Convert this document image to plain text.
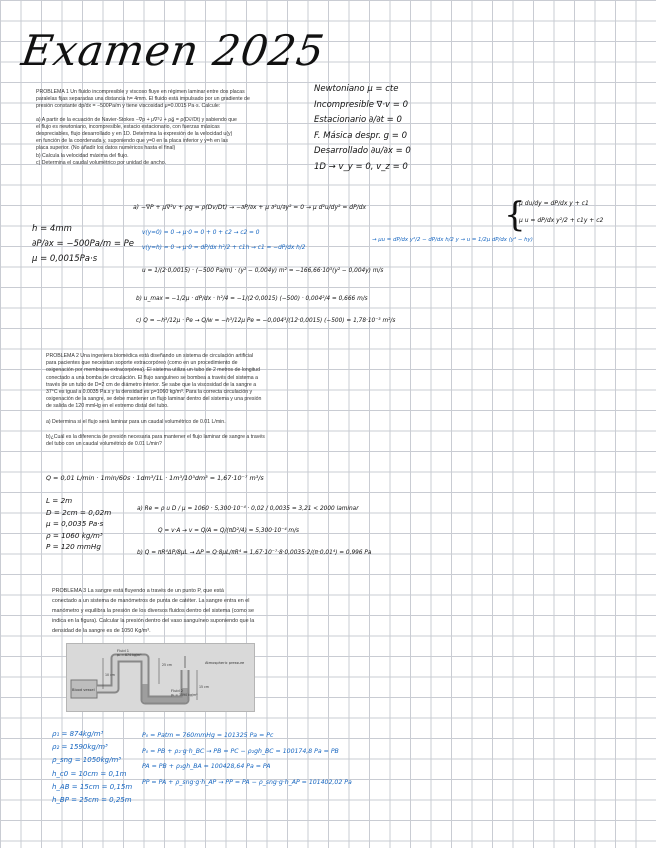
Examen 2025
PROBLEMA 1 Un fluido incompresible y viscoso fluye en régimen laminar entre dos placas
paralelas fijas separadas una distancia h= 4mm. El fluido está impulsado por un gradiente de
presión constante dp/dx = −500Pa/m y tiene viscosidad μ=0.0015 Pa·s. Calcule:
a) A partir de la ecuación de Navier-Stokes −∇p + μ∇²v⃗ + ρg⃗ = ρ(Dv⃗/Dt) y sabiendo que
el flujo es newtoniano, incompresible, estacio estacionario, con fuerzas másicas
despreciables, flujo desarrollado y en 1D. Determina la expresión de la velocidad u(y)
en función de la coordenada y, suponiendo que y=0 en la placa inferior y y=h en las
placa superior. (No añadir los datos numéricos hasta el final)
b) Calcula la velocidad máxima del flujo.
c) Determina el caudal volumétrico por unidad de ancho.
Newtoniano μ = cte
Incompresible ∇·v = 0
Estacionario ∂/∂t = 0
F. Másica despr. g = 0
Desarrollado ∂u/∂x = 0
1D → v_y = 0, v_z = 0
h = 4mm
∂P/∂x = −500Pa/m = Pe
μ = 0,0015Pa·s
a) −∇P + μ∇²v + ρg = ρ(Dv/Dt) → −∂P/∂x + μ ∂²u/∂y² = 0 → μ d²u/dy² = dP/dx	{
μ du/dy = dP/dx y + c1
μ u = dP/dx y²/2 + c1y + c2
v(y=0) = 0 → μ·0 = 0 + 0 + c2 → c2 = 0
v(y=h) = 0 → μ·0 = dP/dx h²/2 + c1h → c1 = −dP/dx h/2
→ μu = dP/dx y²/2 − dP/dx h/2 y → u = 1/2μ dP/dx (y² − hy)
u = 1/(2·0,0015) · (−500 Pa/m) · (y² − 0,004y) m² = −166,66·10³(y² − 0,004y) m/s
b) u_max = −1/2μ · dP/dx · h²/4 = −1/(2·0,0015) (−500) · 0,004²/4 = 0,666 m/s
c) Q = −h³/12μ · Pe → Q/w = −h³/12μ Pe = −0,004³/(12·0,0015) (−500) = 1,78·10⁻³ m²/s
PROBLEMA 2 Una ingeniera biomédica está diseñando un sistema de circulación artificial
para pacientes que necesitan soporte extracorpóreo (como en un procedimiento de
oxigenación por membrana extracorpórea). El sistema utiliza un tubo de 2 metros de longitud
conectado a una bomba de circulación. El flujo sanguíneo se bombea a través del sistema a
través de un tubo de D=2 cm de diámetro interior. Se sabe que la viscosidad de la sangre a
37°C es igual a 0.0035 Pa.s y la densidad es ρ=1060 kg/m³. Para la correcta circulación y
oxigenación de la sangre, se debe mantener un flujo laminar dentro del sistema y una presión
de salida de 120 mmHg en el extremo distal del tubo.
a) Determina si el flujo será laminar para un caudal volumétrico de 0.01 L/min.
b)¿Cuál es la diferencia de presión necesaria para mantener el flujo laminar de sangre a través
del tubo con un caudal volumétrico de 0.01 L/min?
Q = 0,01 L/min · 1min/60s · 1dm³/1L · 1m³/10³dm³ = 1,67·10⁻⁷ m³/s
L = 2m
D = 2cm = 0,02m
μ = 0,0035 Pa·s
ρ = 1060 kg/m³
P = 120 mmHg
a) Re = ρ u D / μ = 1060 · 5,300·10⁻⁴ · 0,02 / 0,0035 = 3,21 < 2000 laminar
Q = v·A → v = Q/A = Q/(πD²/4) = 5,300·10⁻⁴ m/s
b) Q = πR⁴ΔP/8μL → ΔP = Q·8μL/πR⁴ = 1,67·10⁻⁷·8·0,0035·2/(π·0,01⁴) = 0,996 Pa
PROBLEMA 3 La sangre está fluyendo a través de un punto P, que está
conectado a un sistema de manómetros de punta de catéter. La sangre entra en el
manómetro y equilibra la presión de los diversos fluidos dentro del sistema (como se
indica en la figura). Calcular la presión dentro del vaso sanguíneo suponiendo que la
densidad de la sangre es de 1050 Kg/m³.
Blood vessel
Fluid 1
ρ₁ = 874 kg/m³
Fluid 2
ρ₂ = 1590 kg/m³
Atmospheric pressure
25 cm
15 cm
10 cm
ρ₁ = 874kg/m³
ρ₂ = 1590kg/m³
ρ_sng = 1050kg/m³
h_c0 = 10cm = 0,1m
h_AB = 15cm = 0,15m
h_BP = 25cm = 0,25m
P₀ = Patm = 760mmHg = 101325 Pa = Pc
P₀ = PB + ρ₂·g·h_BC → PB = PC − ρ₂gh_BC = 100174,8 Pa = PB
PA = PB + ρ₁gh_BA = 100428,64 Pa = PA
PP = PA + ρ_sng·g·h_AP → PP = PA − ρ_sng·g·h_AP = 101402,02 Pa
